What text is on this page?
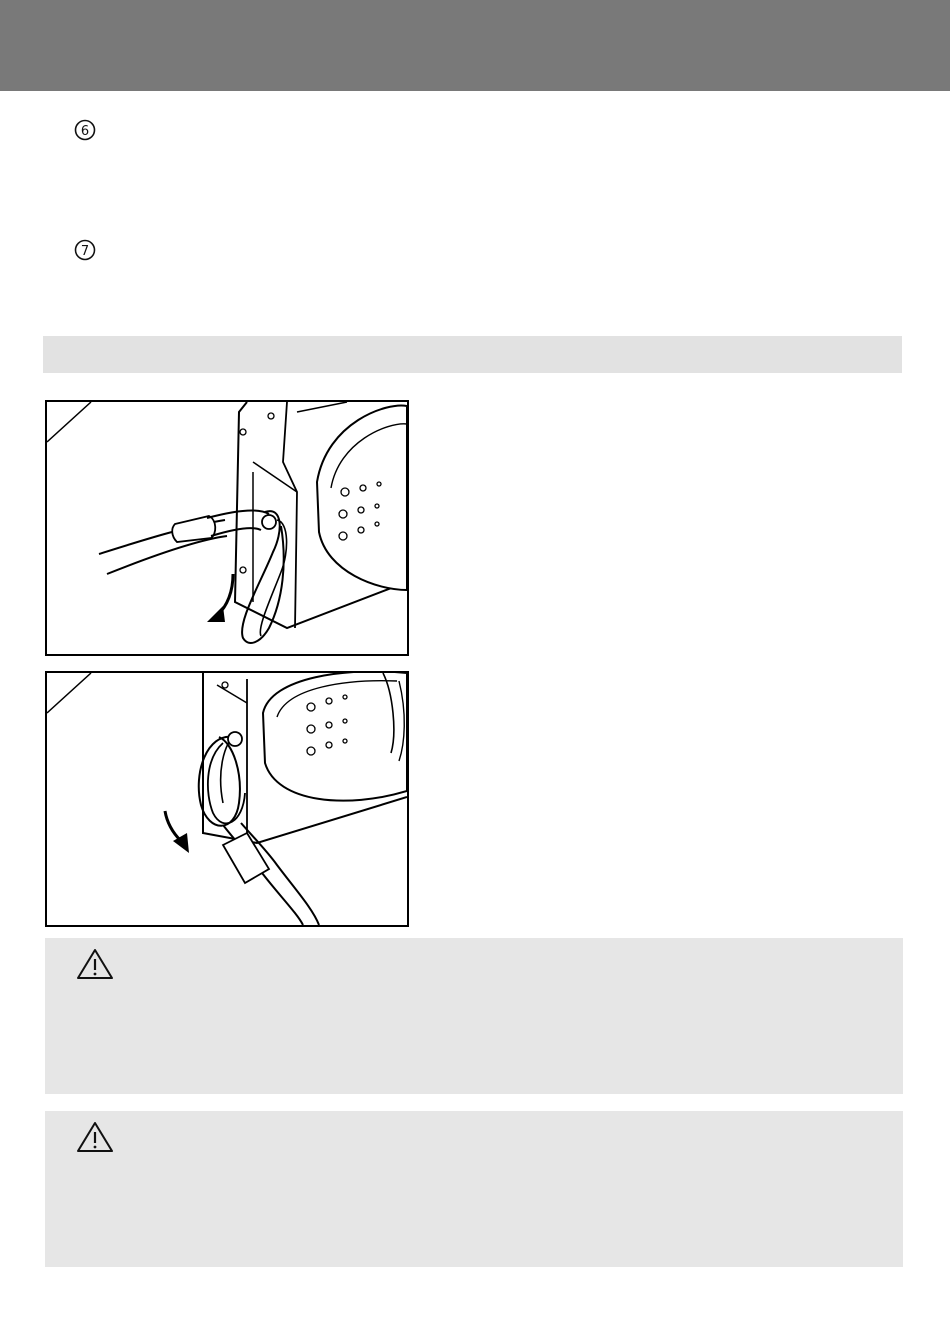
6
7
